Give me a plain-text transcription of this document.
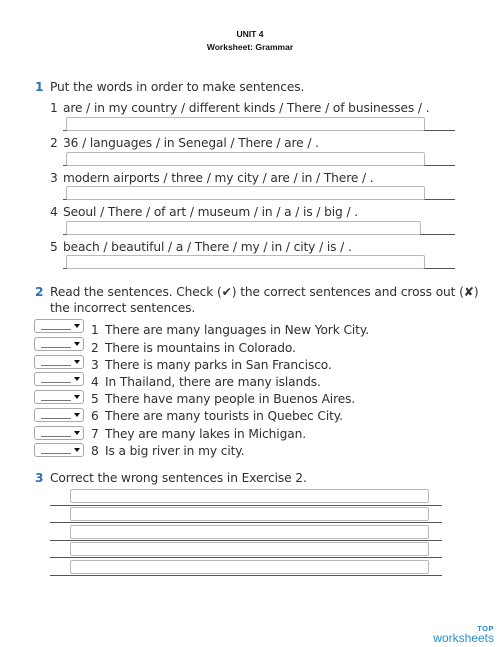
UNIT 4
Worksheet: Grammar
1 Put the words in order to make sentences.
1 are / in my country / different kinds / There / of businesses / .
2 36 / languages / in Senegal / There / are / .
3 modern airports / three / my city / are / in / There / .
4 Seoul / There / of art / museum / in / a / is / big / .
5 beach / beautiful / a / There / my / in / city / is / .
2 Read the sentences. Check (✔) the correct sentences and cross out (✘)
the incorrect sentences.
1 There are many languages in New York City.
2 There is mountains in Colorado.
3 There is many parks in San Francisco.
4 In Thailand, there are many islands.
5 There have many people in Buenos Aires.
6 There are many tourists in Quebec City.
7 They are many lakes in Michigan.
8 Is a big river in my city.
3 Correct the wrong sentences in Exercise 2.
TOP
worksheets
